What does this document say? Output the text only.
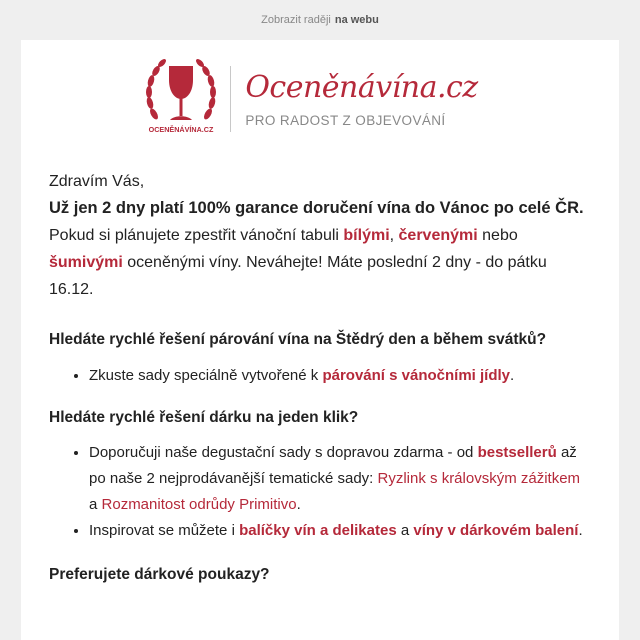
Zobrazit raději na webu
OCENĚNÁVÍNA.CZ
Oceněnávína.cz
PRO RADOST Z OBJEVOVÁNÍ
Zdravím Vás,
Už jen 2 dny platí 100% garance doručení vína do Vánoc po celé ČR. Pokud si plánujete zpestřit vánoční tabuli bílými, červenými nebo šumivými oceněnými víny. Neváhejte! Máte poslední 2 dny - do pátku 16.12.
Hledáte rychlé řešení párování vína na Štědrý den a během svátků?
• Zkuste sady speciálně vytvořené k párování s vánočními jídly.
Hledáte rychlé řešení dárku na jeden klik?
• Doporučuji naše degustační sady s dopravou zdarma - od bestsellerů až po naše 2 nejprodávanější tematické sady: Ryzlink s královským zážitkem a Rozmanitost odrůdy Primitivo.
• Inspirovat se můžete i balíčky vín a delikates a víny v dárkovém balení.
Preferujete dárkové poukazy?
